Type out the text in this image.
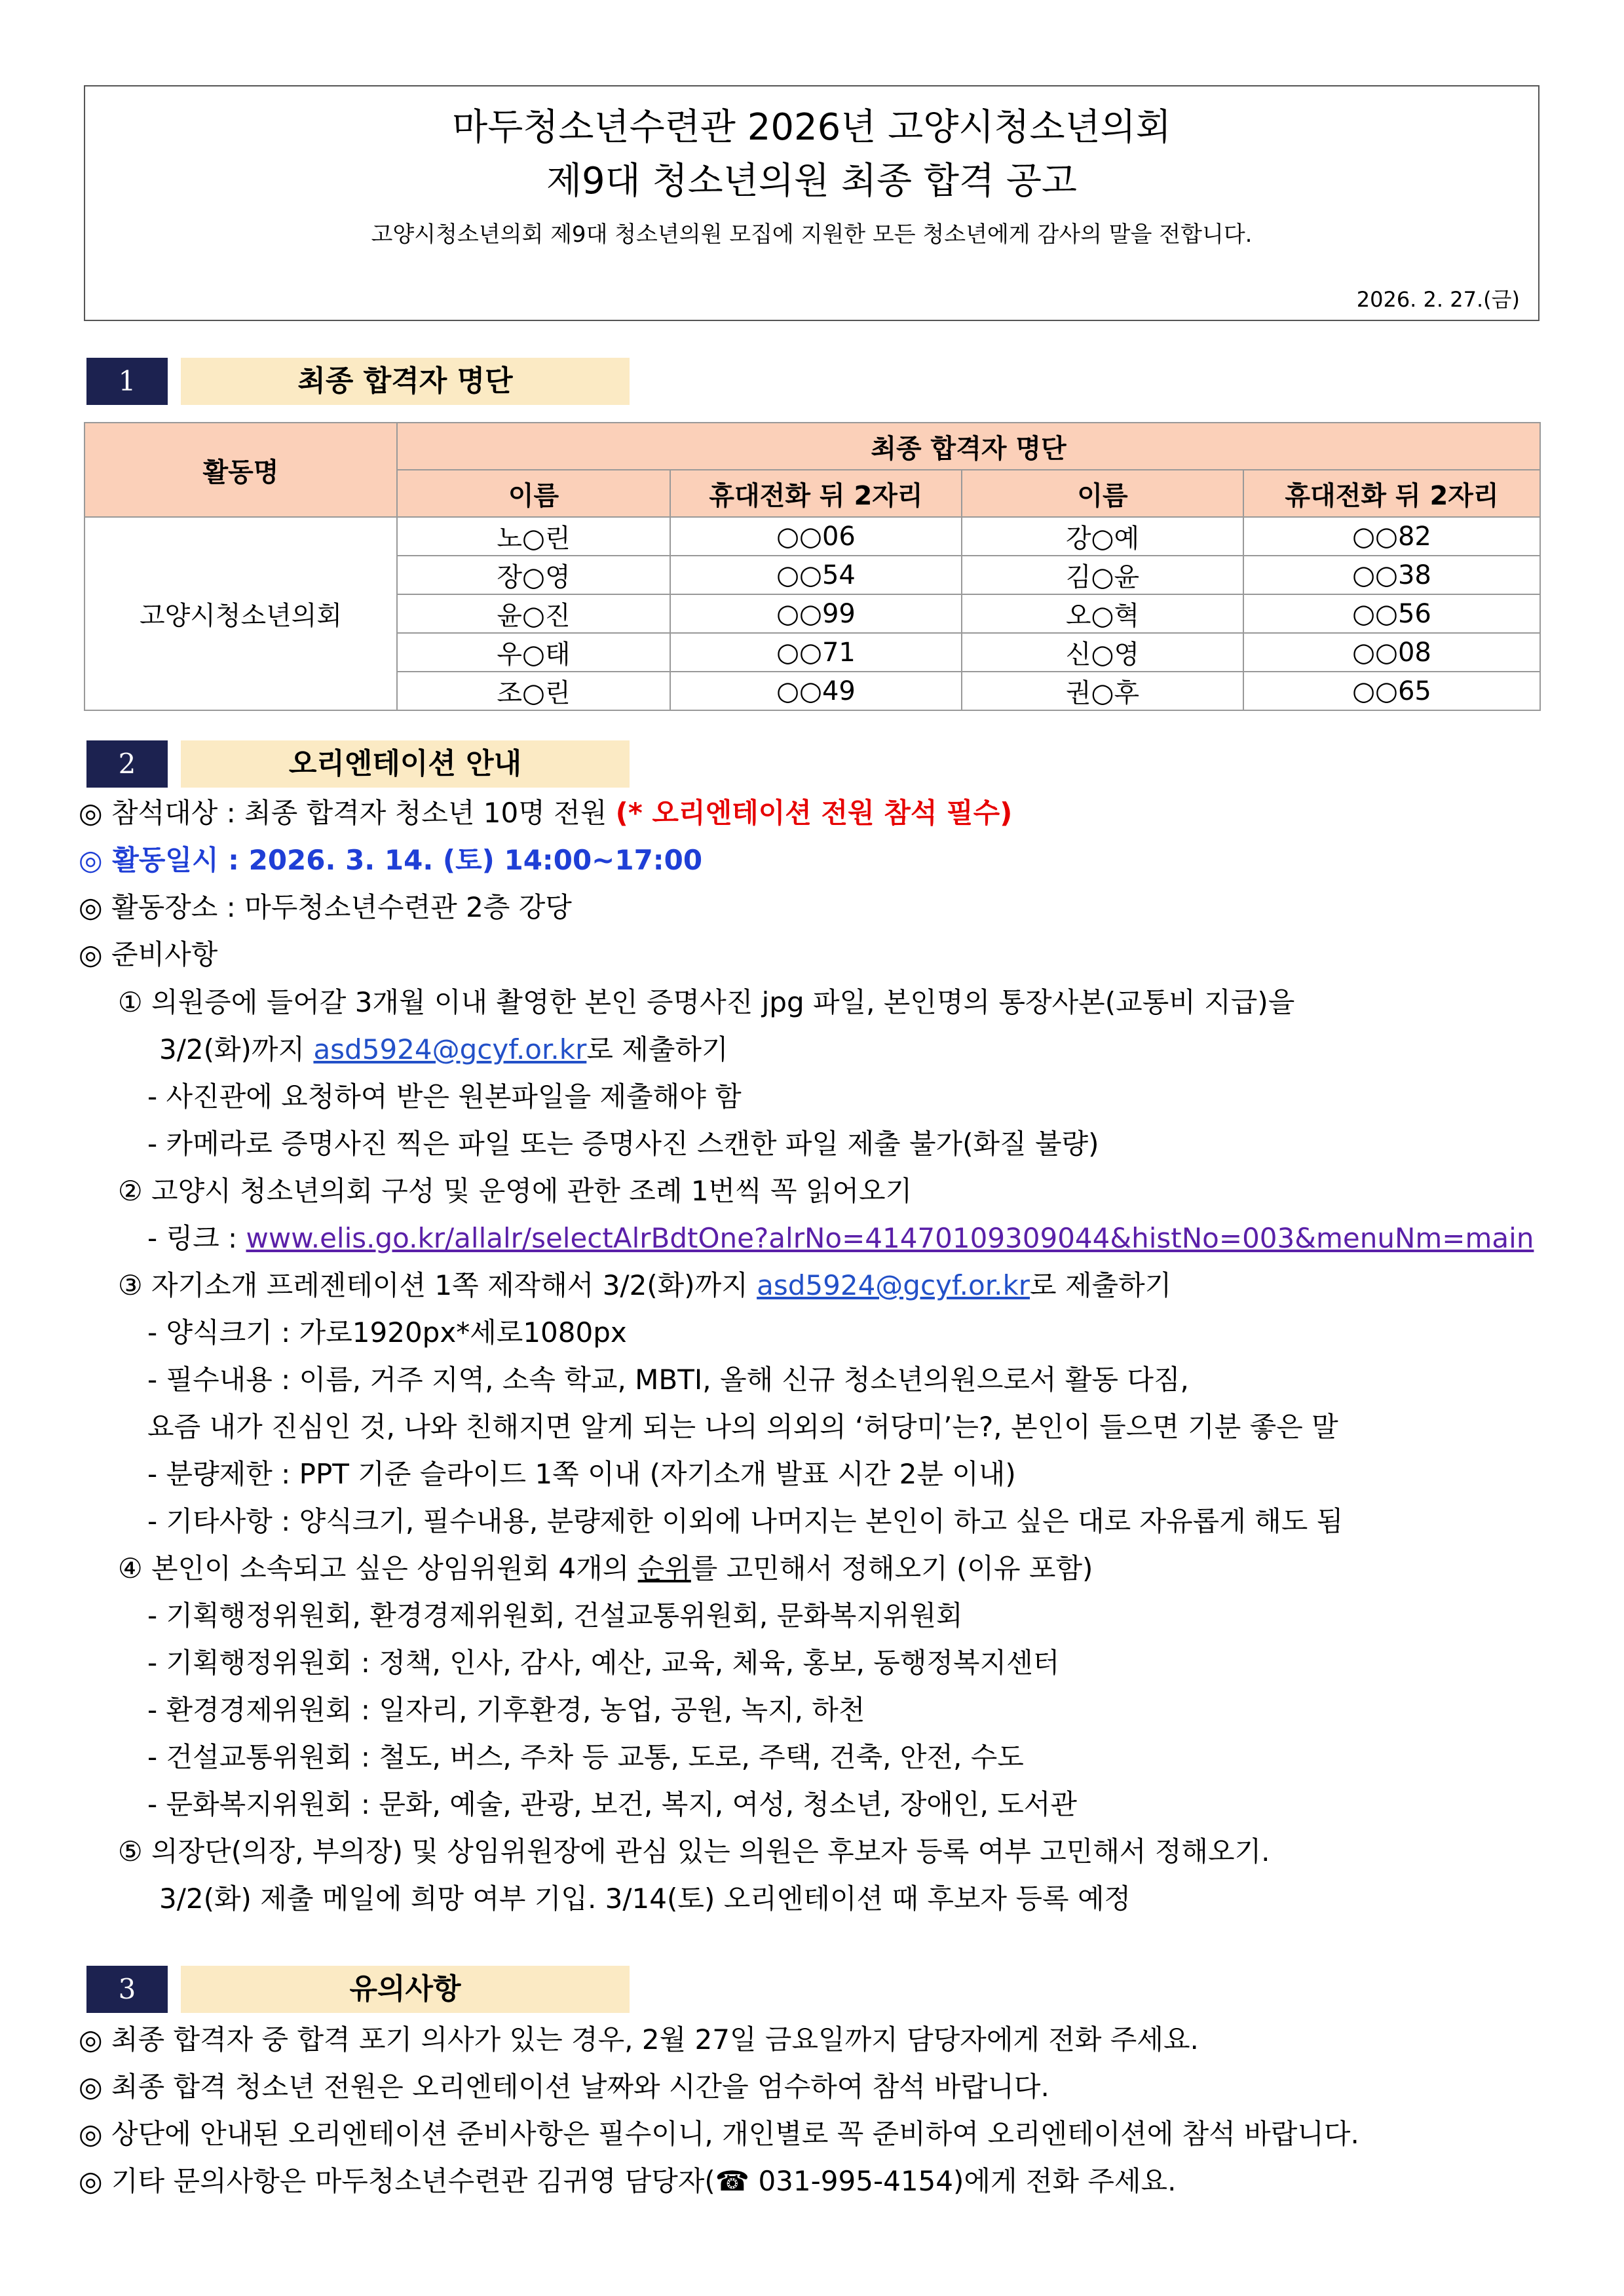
마두청소년수련관 2026년 고양시청소년의회
제9대 청소년의원 최종 합격 공고
고양시청소년의회 제9대 청소년의원 모집에 지원한 모든 청소년에게 감사의 말을 전합니다.
2026. 2. 27.(금)
1	최종 합격자 명단
활동명	최종 합격자 명단			
	이름	휴대전화 뒤 2자리	이름	휴대전화 뒤 2자리
고양시청소년의회	노○린	○○06	강○예	○○82
	장○영	○○54	김○윤	○○38
	윤○진	○○99	오○혁	○○56
	우○태	○○71	신○영	○○08
	조○린	○○49	권○후	○○65
2	오리엔테이션 안내
◎ 참석대상 : 최종 합격자 청소년 10명 전원 (* 오리엔테이션 전원 참석 필수)
◎ 활동일시 : 2026. 3. 14. (토) 14:00~17:00
◎ 활동장소 : 마두청소년수련관 2층 강당
◎ 준비사항
① 의원증에 들어갈 3개월 이내 촬영한 본인 증명사진 jpg 파일, 본인명의 통장사본(교통비 지급)을
3/2(화)까지 asd5924@gcyf.or.kr로 제출하기
- 사진관에 요청하여 받은 원본파일을 제출해야 함
- 카메라로 증명사진 찍은 파일 또는 증명사진 스캔한 파일 제출 불가(화질 불량)
② 고양시 청소년의회 구성 및 운영에 관한 조례 1번씩 꼭 읽어오기
- 링크 : www.elis.go.kr/allalr/selectAlrBdtOne?alrNo=41470109309044&histNo=003&menuNm=main
③ 자기소개 프레젠테이션 1쪽 제작해서 3/2(화)까지 asd5924@gcyf.or.kr로 제출하기
- 양식크기 : 가로1920px*세로1080px
- 필수내용 : 이름, 거주 지역, 소속 학교, MBTI, 올해 신규 청소년의원으로서 활동 다짐,
요즘 내가 진심인 것, 나와 친해지면 알게 되는 나의 의외의 ‘허당미’는?, 본인이 들으면 기분 좋은 말
- 분량제한 : PPT 기준 슬라이드 1쪽 이내 (자기소개 발표 시간 2분 이내)
- 기타사항 : 양식크기, 필수내용, 분량제한 이외에 나머지는 본인이 하고 싶은 대로 자유롭게 해도 됨
④ 본인이 소속되고 싶은 상임위원회 4개의 순위를 고민해서 정해오기 (이유 포함)
- 기획행정위원회, 환경경제위원회, 건설교통위원회, 문화복지위원회
- 기획행정위원회 : 정책, 인사, 감사, 예산, 교육, 체육, 홍보, 동행정복지센터
- 환경경제위원회 : 일자리, 기후환경, 농업, 공원, 녹지, 하천
- 건설교통위원회 : 철도, 버스, 주차 등 교통, 도로, 주택, 건축, 안전, 수도
- 문화복지위원회 : 문화, 예술, 관광, 보건, 복지, 여성, 청소년, 장애인, 도서관
⑤ 의장단(의장, 부의장) 및 상임위원장에 관심 있는 의원은 후보자 등록 여부 고민해서 정해오기.
3/2(화) 제출 메일에 희망 여부 기입. 3/14(토) 오리엔테이션 때 후보자 등록 예정
3	유의사항
◎ 최종 합격자 중 합격 포기 의사가 있는 경우, 2월 27일 금요일까지 담당자에게 전화 주세요.
◎ 최종 합격 청소년 전원은 오리엔테이션 날짜와 시간을 엄수하여 참석 바랍니다.
◎ 상단에 안내된 오리엔테이션 준비사항은 필수이니, 개인별로 꼭 준비하여 오리엔테이션에 참석 바랍니다.
◎ 기타 문의사항은 마두청소년수련관 김귀영 담당자(☎ 031-995-4154)에게 전화 주세요.
